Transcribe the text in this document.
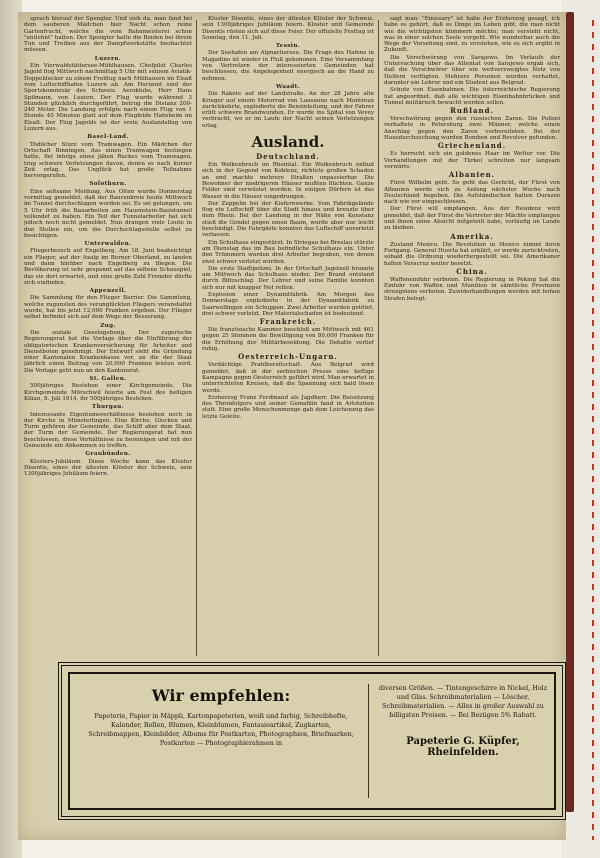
sprach hierauf der Spengler. Und sieh da, man fand bei dem sauberen Mädchen hier Nacht schon reine Gartenfrucht, welche die vom Bahnmeisterei schon "entlehnt" hatten. Der Spengler hatte die Beiden bei ihrem Tun und Treiben aus der Dampfwerkstätte beobachtet müssen.

Luzern.

Ein Vierwaldstättersee-Mühlhausen. Chefpilot Charles Jagold flog Mittwoch nachmittag 5 Uhr mit seinem Aviatik-Doppeldecker zu einem Freiflug nach Mülhausen im Elsaß vom Luftschiffhafen Luzern ab. Am Horizont sind der Sportskommisär des Schweiz. Aeroklubs, Herr Hans Spilmann, von Luzern. Der Flug wurde während 3 Stunden glücklich durchgeführt, betrug die Distanz 200-240 Meter. Die Landung erfolgte nach einem Flug von 1 Stunde 40 Minuten glatt auf dem Flugfelde Habsheim im Elsaß. Der Flug Jagolds ist der erste Auslandsflug von Luzern aus.

Basel-Land.

Tödlicher Sturz vom Tramwagen. Ein Mädchen der Ortschaft Binningen, das einen Tramwagen bestiegen hatte, fiel infolge eines jähen Ruckes vom Tramwagen, trug schwere Verletzungen davon, denen es nach kurzer Zeit erlag. Das Unglück hat große Teilnahme hervorgerufen.

Solothurn.

Eine seltsame Meldung. Aus Olten wurde Donnerstag vormittag gemeldet, daß der Baurenkreis heute Mittwoch im Tunnel durchschlagen worden sei. Es sei gelungen, um 5 Uhr früh die Bauarbeiten am Hauenstein-Basistunnel vollendet zu haben. Ein Teil der Tunnelarbeiter hat sich jedoch noch nicht gemeldet. Nun drangen viele Leute in den Stollen ein, um die Durchschlagsstelle selbst zu besichtigen.

Unterwalden.

Fliegerbesuch auf Engelberg. Am 18. Juni beabsichtigt ein Flieger, auf der Axalp im Berner Oberland, zu landen und dann hinüber nach Engelberg zu fliegen. Die Bevölkerung ist sehr gespannt auf das seltene Schauspiel, das sie dort erwartet, und eine große Zahl Fremder dürfte sich einfinden.

Appenzell.

Die Sammlung für den Flieger Barrier. Die Sammlung, welche zugunsten des verunglückten Fliegers veranstaltet wurde, hat bis jetzt 12,000 Franken ergeben. Der Flieger selbst befindet sich auf dem Wege der Besserung.

Zug.

Die soziale Gesetzgebung. Der zugerische Regierungsrat hat die Vorlage über die Einführung der obligatorischen Krankenversicherung für Arbeiter und Dienstboten genehmigt. Der Entwurf sieht die Gründung einer Kantonalen Krankenkasse vor, an die der Staat jährlich einen Beitrag von 20,000 Franken leisten wird. Die Vorlage geht nun an den Kantonsrat.

St. Gallen.

500jähriges Bestehen einer Kirchgemeinde. Die Kirchgemeinde Mörschwil feierte am Fest des heiligen Kilian, 8. Juli 1914, ihr 500jähriges Bestehen.

Thurgau.

Interessante Eigentumsverhältnisse bestehen noch in der Kirche in Münsterlingen. Eine Kirche, Glocken und Turm gehören der Gemeinde, das Schiff aber dem Staat, der Turm der Gemeinde. Der Regierungsrat hat nun beschlossen, diese Verhältnisse zu bereinigen und mit der Gemeinde ein Abkommen zu treffen.

Graubünden.

Klosters-Jubiläum. Diese Woche kann das Kloster Disentis, eines der ältesten Klöster der Schweiz, sein 1300jähriges Jubiläum feiern.

Kloster Disentis, eines der ältesten Klöster der Schweiz, sein 1300jähriges Jubiläum feiern. Kloster und Gemeinde Disentis rüsten sich auf diese Feier. Der offizielle Festtag ist Sonntag, den 11. Juli.

Tessin.

Der Seehafen am Alpnachersee. Die Frage des Hafens in Magadino ist wieder in Fluß gekommen. Eine Versammlung von Vertretern der interessierten Gemeinden hat beschlossen, die Angelegenheit energisch an die Hand zu nehmen.

Waadt.

Die Rakete auf der Landstraße. An der 28 Jahre alte Krieger auf einem Motorrad von Lausanne nach Montreux zurückkehrte, explodierte die Benzinleitung, und der Fahrer erlitt schwere Brandwunden. Er wurde ins Spital von Vevey verbracht, wo er im Laufe der Nacht seinen Verletzungen erlag.

Ausland.
Deutschland.

Ein Wolkenbruch im Rheintal. Ein Wolkenbruch entlud sich in der Gegend von Koblenz, richtete großen Schaden an und machte mehrere Straßen unpassierbar. Die Bewohner der niedrigeren Häuser mußten flüchten. Ganze Felder sind verwüstet worden. In einigen Dörfern ist das Wasser in die Häuser eingedrungen.

Der Zeppelin bei der Kiefernwerke. Vom Fabrikgelände flog ein Luftschiff über die Stadt hinaus und kreuzte über dem Rhein. Bei der Landung in der Nähe von Konstanz stieß die Gondel gegen einen Baum, wurde aber nur leicht beschädigt. Die Fahrgäste konnten das Luftschiff unverletzt verlassen.

Ein Schulhaus eingestürzt. In Striegau bei Breslau stürzte am Dienstag das im Bau befindliche Schulhaus ein. Unter den Trümmern wurden drei Arbeiter begraben, von denen zwei schwer verletzt wurden.

Die erste Stadtpolizei. In der Ortschaft Jagstzell brannte am Mittwoch das Schulhaus nieder. Der Brand entstand durch Blitzschlag. Der Lehrer und seine Familie konnten sich nur mit knapper Not retten.

Explosion einer Dynamitfabrik. Am Morgen des Donnerstags explodierte in der Dynamitfabrik zu Saarwellingen ein Schuppen. Zwei Arbeiter wurden getötet, drei schwer verletzt. Der Materialschaden ist bedeutend.

Frankreich.

Die französische Kammer beschloß am Mittwoch mit 461 gegen 25 Stimmen die Bewilligung von 80,000 Franken für die Erhöhung der Militärbesoldung. Die Debatte verlief ruhig.

Oesterreich-Ungarn.

Verdächtige Prahlbereitschaft. Aus Belgrad wird gemeldet, daß in der serbischen Presse eine heftige Kampagne gegen Oesterreich geführt wird. Man erwartet in unterrichteten Kreisen, daß die Spannung sich bald lösen werde.

Erzherzog Franz Ferdinand als Jagdherr. Die Beisetzung des Thronfolgers und seiner Gemahlin fand in Artstetten statt. Eine große Menschenmenge gab dem Leichenzug das letzte Geleite.

sagt man: "Emissary" ist habe der Erzherzog gesagt, ich habe es gehört, daß es Dinge im Leben gibt, die man nicht wie die wichtigsten kümmern möchte; man versteht nicht, was in einer solchen Seele vorgeht. Wie wunderbar auch die Wege der Vorsehung sind, zu verstehen, wie es sich ergibt in Zukunft.

Die Verschwörung von Sarajewo. Im Verlaufe der Untersuchung über das Attentat von Sarajewo ergab sich, daß die Verschwörer über ein weitverzweigtes Netz von Helfern verfügten. Mehrere Personen wurden verhaftet, darunter ein Lehrer und ein Student aus Belgrad.

Schutz von Eisenbahnen. Die österreichische Regierung hat angeordnet, daß alle wichtigen Eisenbahnbrücken und Tunnel militärisch bewacht werden sollen.

Rußland.

Verschwörung gegen den russischen Zaren. Die Polizei verhaftete in Petersburg zwei Männer, welche einen Anschlag gegen den Zaren vorbereiteten. Bei der Hausdurchsuchung wurden Bomben und Revolver gefunden.

Griechenland.

Es herrscht sich ein goldenes Haar im Wetter vor. Die Verhandlungen mit der Türkei schreiten nur langsam vorwärts.

Albanien.

Fürst Wilhelm geht. So geht das Gerücht, der Fürst von Albanien werde sich zu Anfang nächster Woche nach Deutschland begeben. Die Aufständischen halten Durazzo nach wie vor eingeschlossen.

Der Fürst will empfangen. Aus der Residenz wird gemeldet, daß der Fürst die Vertreter der Mächte empfangen und ihnen seine Absicht mitgeteilt habe, vorläufig im Lande zu bleiben.

Amerika.

Zustand Mexico. Die Revolution in Mexico nimmt ihren Fortgang. General Huerta hat erklärt, er werde zurücktreten, sobald die Ordnung wiederhergestellt sei. Die Amerikaner halten Veracruz weiter besetzt.

China.

Waffeneinfuhr verboten. Die Regierung in Peking hat die Einfuhr von Waffen und Munition in sämtliche Provinzen strengstens verboten. Zuwiderhandlungen werden mit hohen Strafen belegt.

Wir empfehlen:
Papeterie, Papier in Mäppli, Kartonpapeterien, weiß und farbig, Schreibhefte, Kalender, Rollen, Blumen, Kleinblumen, Fantasieartikel, Zugkarten, Schreibmappen, Kleinbilder, Albums für Postkarten, Photographien, Briefmarken, Postkarten — Photographierahmen in
diversen Größen. — Tintengeschirre in Nickel, Holz und Glas. Schreibmaterialien — Löscher, Schreibmaterialien. — Alles in großer Auswahl zu billigsten Preisen. — Bei Bezügen 5% Rabatt.
Papeterie G. Küpfer, Rheinfelden.
